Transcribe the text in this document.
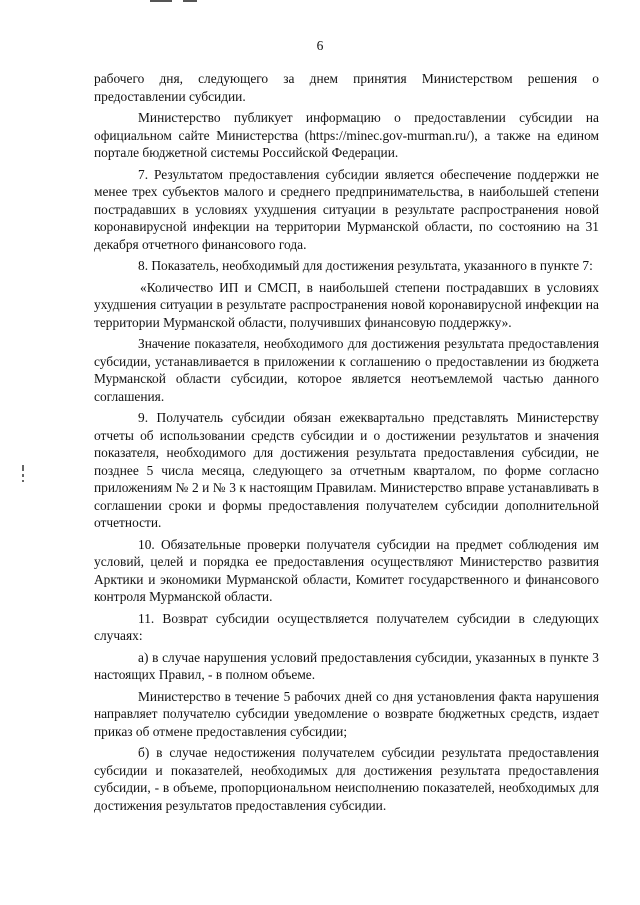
6

рабочего дня, следующего за днем принятия Министерством решения о предоставлении субсидии.

Министерство публикует информацию о предоставлении субсидии на официальном сайте Министерства (https://minec.gov-murman.ru/), а также на едином портале бюджетной системы Российской Федерации.

7. Результатом предоставления субсидии является обеспечение поддержки не менее трех субъектов малого и среднего предпринимательства, в наибольшей степени пострадавших в условиях ухудшения ситуации в результате распространения новой коронавирусной инфекции на территории Мурманской области, по состоянию на 31 декабря отчетного финансового года.

8. Показатель, необходимый для достижения результата, указанного в пункте 7:

«Количество ИП и СМСП, в наибольшей степени пострадавших в условиях ухудшения ситуации в результате распространения новой коронавирусной инфекции на территории Мурманской области, получивших финансовую поддержку».

Значение показателя, необходимого для достижения результата предоставления субсидии, устанавливается в приложении к соглашению о предоставлении из бюджета Мурманской области субсидии, которое является неотъемлемой частью данного соглашения.

9. Получатель субсидии обязан ежеквартально представлять Министерству отчеты об использовании средств субсидии и о достижении результатов и значения показателя, необходимого для достижения результата предоставления субсидии, не позднее 5 числа месяца, следующего за отчетным кварталом, по форме согласно приложениям № 2 и № 3 к настоящим Правилам. Министерство вправе устанавливать в соглашении сроки и формы предоставления получателем субсидии дополнительной отчетности.

10. Обязательные проверки получателя субсидии на предмет соблюдения им условий, целей и порядка ее предоставления осуществляют Министерство развития Арктики и экономики Мурманской области, Комитет государственного и финансового контроля Мурманской области.

11. Возврат субсидии осуществляется получателем субсидии в следующих случаях:

а) в случае нарушения условий предоставления субсидии, указанных в пункте 3 настоящих Правил, - в полном объеме.

Министерство в течение 5 рабочих дней со дня установления факта нарушения направляет получателю субсидии уведомление о возврате бюджетных средств, издает приказ об отмене предоставления субсидии;

б) в случае недостижения получателем субсидии результата предоставления субсидии и показателей, необходимых для достижения результата предоставления субсидии, - в объеме, пропорциональном неисполнению показателей, необходимых для достижения результатов предоставления субсидии.
